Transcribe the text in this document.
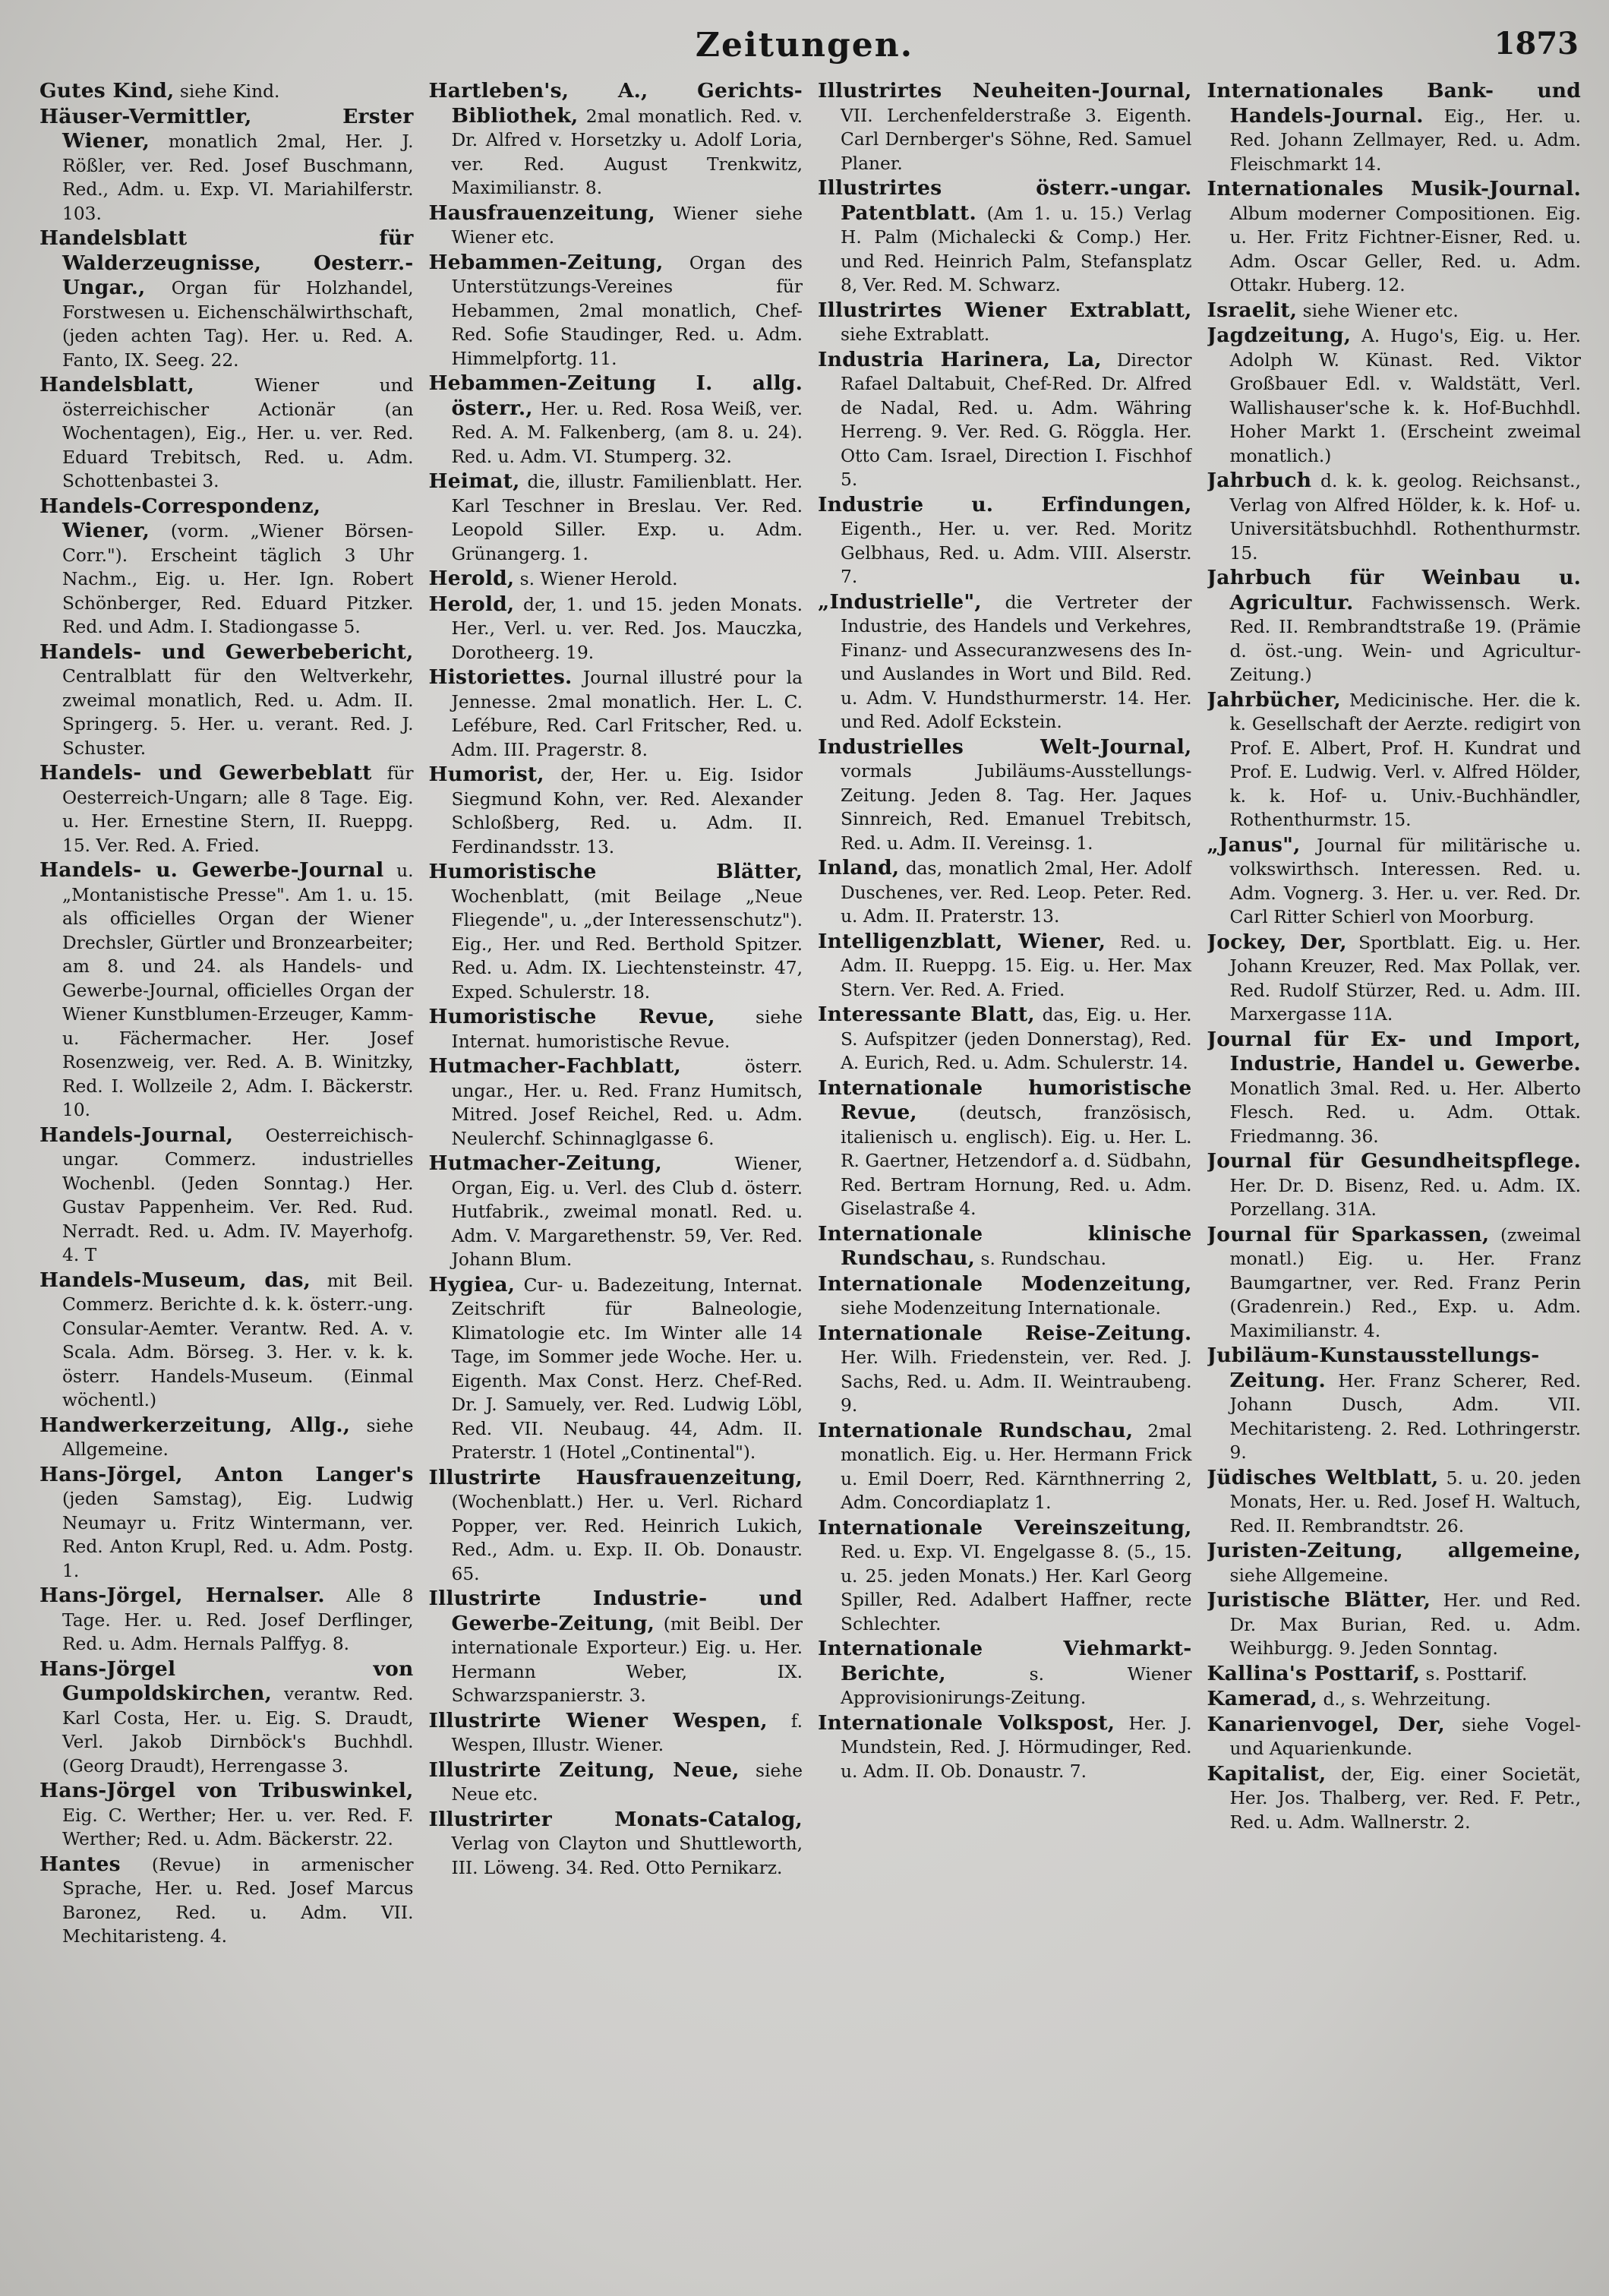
Zeitungen.	1873

Gutes Kind, siehe Kind.

Häuser-Vermittler, Erster Wiener, monatlich 2mal, Her. J. Rößler, ver. Red. Josef Buschmann, Red., Adm. u. Exp. VI. Mariahilferstr. 103.

Handelsblatt für Walderzeugnisse, Oesterr.-Ungar., Organ für Holzhandel, Forstwesen u. Eichenschälwirthschaft, (jeden achten Tag). Her. u. Red. A. Fanto, IX. Seeg. 22.

Handelsblatt, Wiener und österreichischer Actionär (an Wochentagen), Eig., Her. u. ver. Red. Eduard Trebitsch, Red. u. Adm. Schottenbastei 3.

Handels-Correspondenz, Wiener, (vorm. „Wiener Börsen-Corr."). Erscheint täglich 3 Uhr Nachm., Eig. u. Her. Ign. Robert Schönberger, Red. Eduard Pitzker. Red. und Adm. I. Stadiongasse 5.

Handels- und Gewerbebericht, Centralblatt für den Weltverkehr, zweimal monatlich, Red. u. Adm. II. Springerg. 5. Her. u. verant. Red. J. Schuster.

Handels- und Gewerbeblatt für Oesterreich-Ungarn; alle 8 Tage. Eig. u. Her. Ernestine Stern, II. Rueppg. 15. Ver. Red. A. Fried.

Handels- u. Gewerbe-Journal u. „Montanistische Presse". Am 1. u. 15. als officielles Organ der Wiener Drechsler, Gürtler und Bronzearbeiter; am 8. und 24. als Handels- und Gewerbe-Journal, officielles Organ der Wiener Kunstblumen-Erzeuger, Kamm- u. Fächermacher. Her. Josef Rosenzweig, ver. Red. A. B. Winitzky, Red. I. Wollzeile 2, Adm. I. Bäckerstr. 10.

Handels-Journal, Oesterreichisch-ungar. Commerz. industrielles Wochenbl. (Jeden Sonntag.) Her. Gustav Pappenheim. Ver. Red. Rud. Nerradt. Red. u. Adm. IV. Mayerhofg. 4. T

Handels-Museum, das, mit Beil. Commerz. Berichte d. k. k. österr.-ung. Consular-Aemter. Verantw. Red. A. v. Scala. Adm. Börseg. 3. Her. v. k. k. österr. Handels-Museum. (Einmal wöchentl.)

Handwerkerzeitung, Allg., siehe Allgemeine.

Hans-Jörgel, Anton Langer's (jeden Samstag), Eig. Ludwig Neumayr u. Fritz Wintermann, ver. Red. Anton Krupl, Red. u. Adm. Postg. 1.

Hans-Jörgel, Hernalser. Alle 8 Tage. Her. u. Red. Josef Derflinger, Red. u. Adm. Hernals Palffyg. 8.

Hans-Jörgel von Gumpoldskirchen, verantw. Red. Karl Costa, Her. u. Eig. S. Draudt, Verl. Jakob Dirnböck's Buchhdl. (Georg Draudt), Herrengasse 3.

Hans-Jörgel von Tribuswinkel, Eig. C. Werther; Her. u. ver. Red. F. Werther; Red. u. Adm. Bäckerstr. 22.

Hantes (Revue) in armenischer Sprache, Her. u. Red. Josef Marcus Baronez, Red. u. Adm. VII. Mechitaristeng. 4.

Hartleben's, A., Gerichts-Bibliothek, 2mal monatlich. Red. v. Dr. Alfred v. Horsetzky u. Adolf Loria, ver. Red. August Trenkwitz, Maximilianstr. 8.

Hausfrauenzeitung, Wiener siehe Wiener etc.

Hebammen-Zeitung, Organ des Unterstützungs-Vereines für Hebammen, 2mal monatlich, Chef-Red. Sofie Staudinger, Red. u. Adm. Himmelpfortg. 11.

Hebammen-Zeitung I. allg. österr., Her. u. Red. Rosa Weiß, ver. Red. A. M. Falkenberg, (am 8. u. 24). Red. u. Adm. VI. Stumperg. 32.

Heimat, die, illustr. Familienblatt. Her. Karl Teschner in Breslau. Ver. Red. Leopold Siller. Exp. u. Adm. Grünangerg. 1.

Herold, s. Wiener Herold.

Herold, der, 1. und 15. jeden Monats. Her., Verl. u. ver. Red. Jos. Mauczka, Dorotheerg. 19.

Historiettes. Journal illustré pour la Jennesse. 2mal monatlich. Her. L. C. Lefébure, Red. Carl Fritscher, Red. u. Adm. III. Pragerstr. 8.

Humorist, der, Her. u. Eig. Isidor Siegmund Kohn, ver. Red. Alexander Schloßberg, Red. u. Adm. II. Ferdinandsstr. 13.

Humoristische Blätter, Wochenblatt, (mit Beilage „Neue Fliegende", u. „der Interessenschutz"). Eig., Her. und Red. Berthold Spitzer. Red. u. Adm. IX. Liechtensteinstr. 47, Exped. Schulerstr. 18.

Humoristische Revue, siehe Internat. humoristische Revue.

Hutmacher-Fachblatt, österr. ungar., Her. u. Red. Franz Humitsch, Mitred. Josef Reichel, Red. u. Adm. Neulerchf. Schinnaglgasse 6.

Hutmacher-Zeitung, Wiener, Organ, Eig. u. Verl. des Club d. österr. Hutfabrik., zweimal monatl. Red. u. Adm. V. Margarethenstr. 59, Ver. Red. Johann Blum.

Hygiea, Cur- u. Badezeitung, Internat. Zeitschrift für Balneologie, Klimatologie etc. Im Winter alle 14 Tage, im Sommer jede Woche. Her. u. Eigenth. Max Const. Herz. Chef-Red. Dr. J. Samuely, ver. Red. Ludwig Löbl, Red. VII. Neubaug. 44, Adm. II. Praterstr. 1 (Hotel „Continental").

Illustrirte Hausfrauenzeitung, (Wochenblatt.) Her. u. Verl. Richard Popper, ver. Red. Heinrich Lukich, Red., Adm. u. Exp. II. Ob. Donaustr. 65.

Illustrirte Industrie- und Gewerbe-Zeitung, (mit Beibl. Der internationale Exporteur.) Eig. u. Her. Hermann Weber, IX. Schwarzspanierstr. 3.

Illustrirte Wiener Wespen, f. Wespen, Illustr. Wiener.

Illustrirte Zeitung, Neue, siehe Neue etc.

Illustrirter Monats-Catalog, Verlag von Clayton und Shuttleworth, III. Löweng. 34. Red. Otto Pernikarz.

Illustrirtes Neuheiten-Journal, VII. Lerchenfelderstraße 3. Eigenth. Carl Dernberger's Söhne, Red. Samuel Planer.

Illustrirtes österr.-ungar. Patentblatt. (Am 1. u. 15.) Verlag H. Palm (Michalecki & Comp.) Her. und Red. Heinrich Palm, Stefansplatz 8, Ver. Red. M. Schwarz.

Illustrirtes Wiener Extrablatt, siehe Extrablatt.

Industria Harinera, La, Director Rafael Daltabuit, Chef-Red. Dr. Alfred de Nadal, Red. u. Adm. Währing Herreng. 9. Ver. Red. G. Röggla. Her. Otto Cam. Israel, Direction I. Fischhof 5.

Industrie u. Erfindungen, Eigenth., Her. u. ver. Red. Moritz Gelbhaus, Red. u. Adm. VIII. Alserstr. 7.

„Industrielle", die Vertreter der Industrie, des Handels und Verkehres, Finanz- und Assecuranzwesens des In- und Auslandes in Wort und Bild. Red. u. Adm. V. Hundsthurmerstr. 14. Her. und Red. Adolf Eckstein.

Industrielles Welt-Journal, vormals Jubiläums-Ausstellungs-Zeitung. Jeden 8. Tag. Her. Jaques Sinnreich, Red. Emanuel Trebitsch, Red. u. Adm. II. Vereinsg. 1.

Inland, das, monatlich 2mal, Her. Adolf Duschenes, ver. Red. Leop. Peter. Red. u. Adm. II. Praterstr. 13.

Intelligenzblatt, Wiener, Red. u. Adm. II. Rueppg. 15. Eig. u. Her. Max Stern. Ver. Red. A. Fried.

Interessante Blatt, das, Eig. u. Her. S. Aufspitzer (jeden Donnerstag), Red. A. Eurich, Red. u. Adm. Schulerstr. 14.

Internationale humoristische Revue, (deutsch, französisch, italienisch u. englisch). Eig. u. Her. L. R. Gaertner, Hetzendorf a. d. Südbahn, Red. Bertram Hornung, Red. u. Adm. Giselastraße 4.

Internationale klinische Rundschau, s. Rundschau.

Internationale Modenzeitung, siehe Modenzeitung Internationale.

Internationale Reise-Zeitung. Her. Wilh. Friedenstein, ver. Red. J. Sachs, Red. u. Adm. II. Weintraubeng. 9.

Internationale Rundschau, 2mal monatlich. Eig. u. Her. Hermann Frick u. Emil Doerr, Red. Kärnthnerring 2, Adm. Concordiaplatz 1.

Internationale Vereinszeitung, Red. u. Exp. VI. Engelgasse 8. (5., 15. u. 25. jeden Monats.) Her. Karl Georg Spiller, Red. Adalbert Haffner, recte Schlechter.

Internationale Viehmarkt-Berichte, s. Wiener Approvisionirungs-Zeitung.

Internationale Volkspost, Her. J. Mundstein, Red. J. Hörmudinger, Red. u. Adm. II. Ob. Donaustr. 7.

Internationales Bank- und Handels-Journal. Eig., Her. u. Red. Johann Zellmayer, Red. u. Adm. Fleischmarkt 14.

Internationales Musik-Journal. Album moderner Compositionen. Eig. u. Her. Fritz Fichtner-Eisner, Red. u. Adm. Oscar Geller, Red. u. Adm. Ottakr. Huberg. 12.

Israelit, siehe Wiener etc.

Jagdzeitung, A. Hugo's, Eig. u. Her. Adolph W. Künast. Red. Viktor Großbauer Edl. v. Waldstätt, Verl. Wallishauser'sche k. k. Hof-Buchhdl. Hoher Markt 1. (Erscheint zweimal monatlich.)

Jahrbuch d. k. k. geolog. Reichsanst., Verlag von Alfred Hölder, k. k. Hof- u. Universitätsbuchhdl. Rothenthurmstr. 15.

Jahrbuch für Weinbau u. Agricultur. Fachwissensch. Werk. Red. II. Rembrandtstraße 19. (Prämie d. öst.-ung. Wein- und Agricultur-Zeitung.)

Jahrbücher, Medicinische. Her. die k. k. Gesellschaft der Aerzte. redigirt von Prof. E. Albert, Prof. H. Kundrat und Prof. E. Ludwig. Verl. v. Alfred Hölder, k. k. Hof- u. Univ.-Buchhändler, Rothenthurmstr. 15.

„Janus", Journal für militärische u. volkswirthsch. Interessen. Red. u. Adm. Vognerg. 3. Her. u. ver. Red. Dr. Carl Ritter Schierl von Moorburg.

Jockey, Der, Sportblatt. Eig. u. Her. Johann Kreuzer, Red. Max Pollak, ver. Red. Rudolf Stürzer, Red. u. Adm. III. Marxergasse 11A.

Journal für Ex- und Import, Industrie, Handel u. Gewerbe. Monatlich 3mal. Red. u. Her. Alberto Flesch. Red. u. Adm. Ottak. Friedmanng. 36.

Journal für Gesundheitspflege. Her. Dr. D. Bisenz, Red. u. Adm. IX. Porzellang. 31A.

Journal für Sparkassen, (zweimal monatl.) Eig. u. Her. Franz Baumgartner, ver. Red. Franz Perin (Gradenrein.) Red., Exp. u. Adm. Maximilianstr. 4.

Jubiläum-Kunstausstellungs-Zeitung. Her. Franz Scherer, Red. Johann Dusch, Adm. VII. Mechitaristeng. 2. Red. Lothringerstr. 9.

Jüdisches Weltblatt, 5. u. 20. jeden Monats, Her. u. Red. Josef H. Waltuch, Red. II. Rembrandtstr. 26.

Juristen-Zeitung, allgemeine, siehe Allgemeine.

Juristische Blätter, Her. und Red. Dr. Max Burian, Red. u. Adm. Weihburgg. 9. Jeden Sonntag.

Kallina's Posttarif, s. Posttarif.

Kamerad, d., s. Wehrzeitung.

Kanarienvogel, Der, siehe Vogel- und Aquarienkunde.

Kapitalist, der, Eig. einer Societät, Her. Jos. Thalberg, ver. Red. F. Petr., Red. u. Adm. Wallnerstr. 2.
